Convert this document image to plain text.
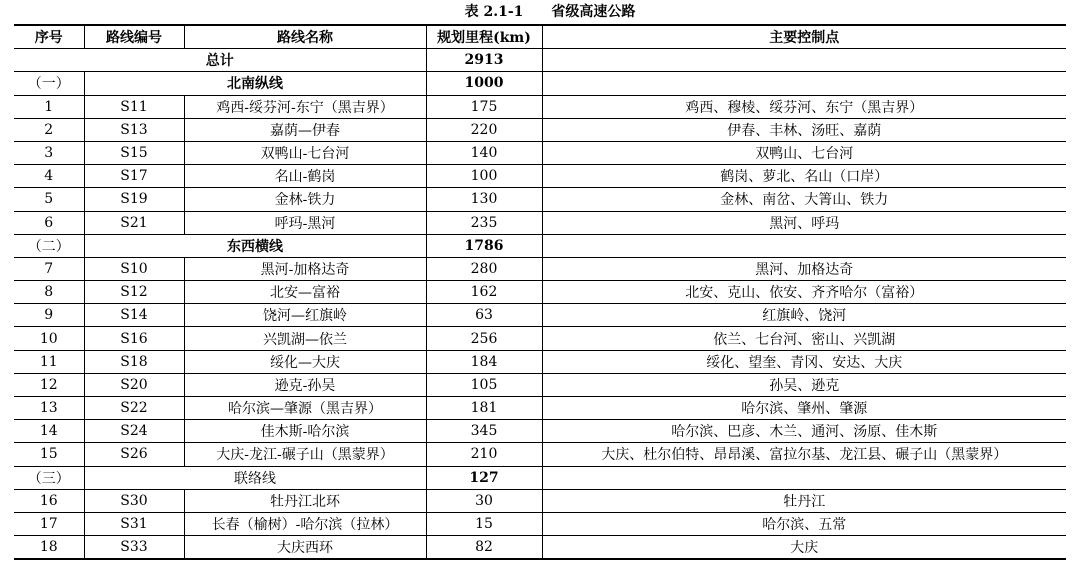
表 2.1-1 省级高速公路
序号	路线编号	路线名称	规划里程(km)	主要控制点
总计			2913	
（一）	北南纵线		1000	
1	S11	鸡西-绥芬河-东宁（黑吉界）	175	鸡西、穆棱、绥芬河、东宁（黑吉界）
2	S13	嘉荫—伊春	220	伊春、丰林、汤旺、嘉荫
3	S15	双鸭山-七台河	140	双鸭山、七台河
4	S17	名山-鹤岗	100	鹤岗、萝北、名山（口岸）
5	S19	金林-铁力	130	金林、南岔、大箐山、铁力
6	S21	呼玛-黑河	235	黑河、呼玛
（二）	东西横线		1786	
7	S10	黑河-加格达奇	280	黑河、加格达奇
8	S12	北安—富裕	162	北安、克山、依安、齐齐哈尔（富裕）
9	S14	饶河—红旗岭	63	红旗岭、饶河
10	S16	兴凯湖—依兰	256	依兰、七台河、密山、兴凯湖
11	S18	绥化—大庆	184	绥化、望奎、青冈、安达、大庆
12	S20	逊克-孙吴	105	孙吴、逊克
13	S22	哈尔滨—肇源（黑吉界）	181	哈尔滨、肇州、肇源
14	S24	佳木斯-哈尔滨	345	哈尔滨、巴彦、木兰、通河、汤原、佳木斯
15	S26	大庆-龙江-碾子山（黑蒙界）	210	大庆、杜尔伯特、昂昂溪、富拉尔基、龙江县、碾子山（黑蒙界）
（三）	联络线		127	
16	S30	牡丹江北环	30	牡丹江
17	S31	长春（榆树）-哈尔滨（拉林）	15	哈尔滨、五常
18	S33	大庆西环	82	大庆
